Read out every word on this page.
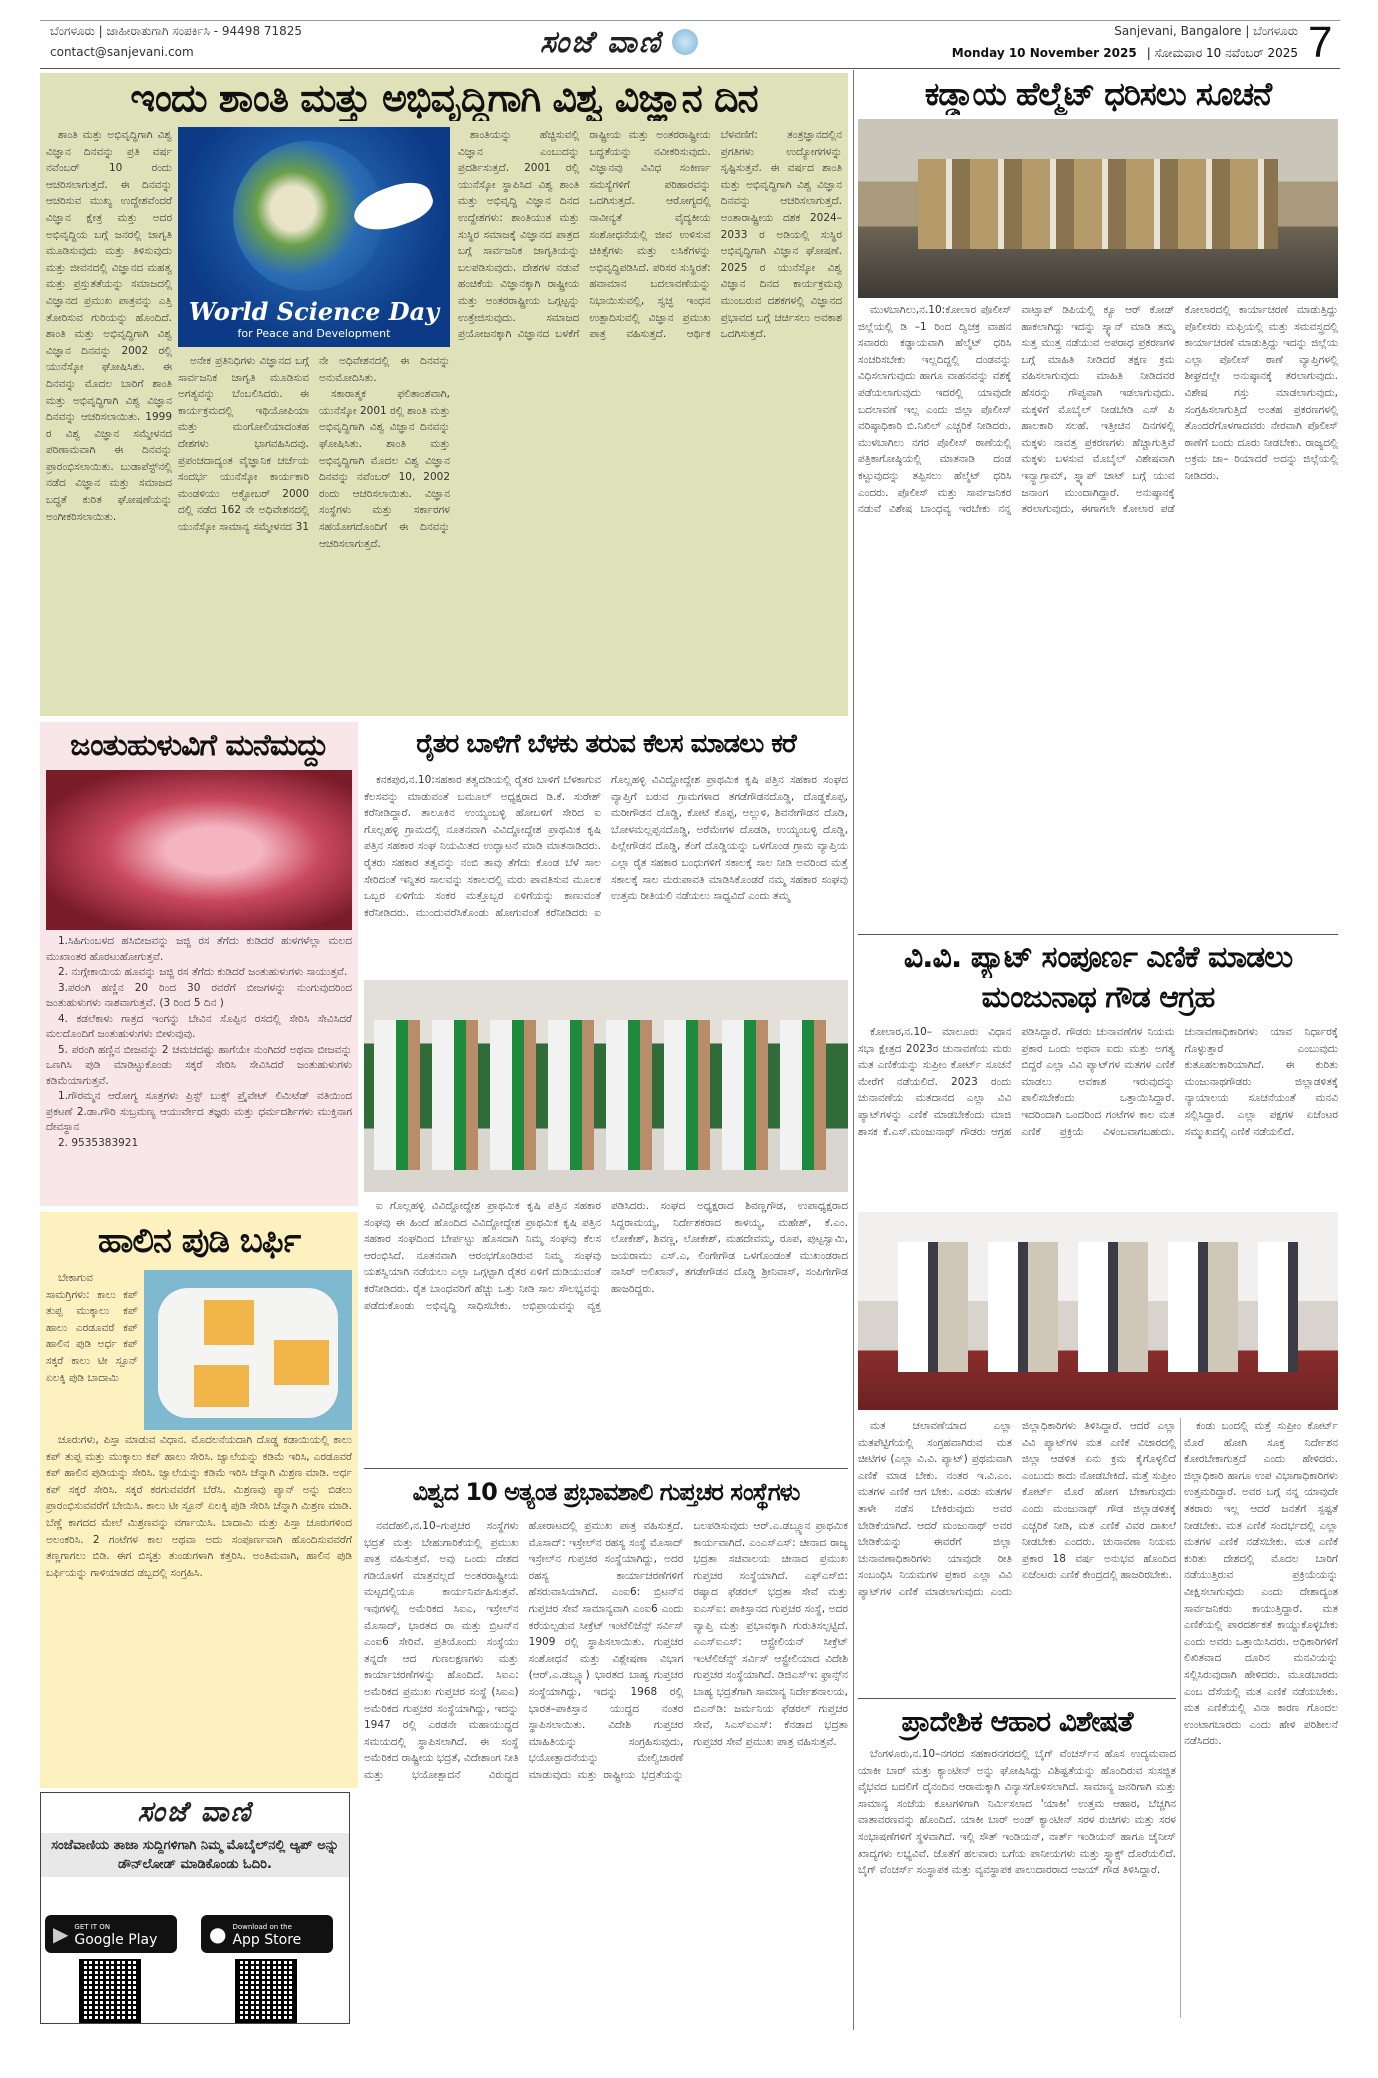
ಬೆಂಗಳೂರು | ಜಾಹೀರಾತುಗಾಗಿ ಸಂಪರ್ಕಿಸಿ - 94498 71825
contact@sanjevani.com	ಸಂಜೆ ವಾಣಿ	Sanjevani, Bangalore | ಬೆಂಗಳೂರು
Monday 10 November 2025 | ಸೋಮವಾರ 10 ನವೆಂಬರ್ 2025 7
ಇಂದು ಶಾಂತಿ ಮತ್ತು ಅಭಿವೃದ್ಧಿಗಾಗಿ ವಿಶ್ವ ವಿಜ್ಞಾನ ದಿನ

ಶಾಂತಿ ಮತ್ತು ಅಭಿವೃದ್ಧಿಗಾಗಿ ವಿಶ್ವ ವಿಜ್ಞಾನ ದಿನವನ್ನು ಪ್ರತಿ ವರ್ಷ ನವೆಂಬರ್ 10 ರಂದು ಆಚರಿಸಲಾಗುತ್ತದೆ. ಈ ದಿನವನ್ನು ಆಚರಿಸುವ ಮುಖ್ಯ ಉದ್ದೇಶವೆಂದರೆ ವಿಜ್ಞಾನ ಕ್ಷೇತ್ರ ಮತ್ತು ಅದರ ಅಭಿವೃದ್ಧಿಯ ಬಗ್ಗೆ ಜನರಲ್ಲಿ ಜಾಗೃತಿ ಮೂಡಿಸುವುದು ಮತ್ತು ತಿಳಿಸುವುದು ಮತ್ತು ಜೀವನದಲ್ಲಿ ವಿಜ್ಞಾನದ ಮಹತ್ವ ಮತ್ತು ಪ್ರಸ್ತುತತೆಯನ್ನು ಸಮಾಜದಲ್ಲಿ ವಿಜ್ಞಾನದ ಪ್ರಮುಖ ಪಾತ್ರವನ್ನು ಎತ್ತಿ ತೋರಿಸುವ ಗುರಿಯನ್ನು ಹೊಂದಿದೆ. ಶಾಂತಿ ಮತ್ತು ಅಭಿವೃದ್ಧಿಗಾಗಿ ವಿಶ್ವ ವಿಜ್ಞಾನ ದಿನವನ್ನು 2002 ರಲ್ಲಿ ಯುನೆಸ್ಕೋ ಘೋಷಿಸಿತು. ಈ ದಿನವನ್ನು ಮೊದಲ ಬಾರಿಗೆ ಶಾಂತಿ ಮತ್ತು ಅಭಿವೃದ್ಧಿಗಾಗಿ ವಿಶ್ವ ವಿಜ್ಞಾನ ದಿನವನ್ನು ಆಚರಿಸಲಾಯಿತು. 1999 ರ ವಿಶ್ವ ವಿಜ್ಞಾನ ಸಮ್ಮೇಳನದ ಪರಿಣಾಮವಾಗಿ ಈ ದಿನವನ್ನು ಪ್ರಾರಂಭಿಸಲಾಯಿತು. ಬುಡಾಪೆಸ್ಟ್‌ನಲ್ಲಿ ನಡೆದ ವಿಜ್ಞಾನ ಮತ್ತು ಸಮಾಜದ ಬದ್ಧತೆ ಕುರಿತ ಘೋಷಣೆಯನ್ನು ಅಂಗೀಕರಿಸಲಾಯಿತು.

World Science Day
for Peace and Development

ಅನೇಕ ಪ್ರತಿನಿಧಿಗಳು ವಿಜ್ಞಾನದ ಬಗ್ಗೆ ಸಾರ್ವಜನಿಕ ಜಾಗೃತಿ ಮೂಡಿಸುವ ಅಗತ್ಯವನ್ನು ಬೆಂಬಲಿಸಿದರು. ಈ ಕಾರ್ಯಕ್ರಮದಲ್ಲಿ ಇಥಿಯೋಪಿಯಾ ಮತ್ತು ಮಂಗೋಲಿಯಾದಂತಹ ದೇಶಗಳು ಭಾಗವಹಿಸಿದವು. ಪ್ರಪಂಚದಾದ್ಯಂತ ವೈಜ್ಞಾನಿಕ ಚರ್ಚೆಯ ಸಂದರ್ಭ ಯುನೆಸ್ಕೋ ಕಾರ್ಯಕಾರಿ ಮಂಡಳಿಯು ಅಕ್ಟೋಬರ್ 2000 ದಲ್ಲಿ ನಡೆದ 162 ನೇ ಅಧಿವೇಶನದಲ್ಲಿ ಯುನೆಸ್ಕೋ ಸಾಮಾನ್ಯ ಸಮ್ಮೇಳನದ 31 ನೇ ಅಧಿವೇಶನದಲ್ಲಿ ಈ ದಿನವನ್ನು ಅನುಮೋದಿಸಿತು.

ಸಕಾರಾತ್ಮಕ ಫಲಿತಾಂಶವಾಗಿ, ಯುನೆಸ್ಕೋ 2001 ರಲ್ಲಿ ಶಾಂತಿ ಮತ್ತು ಅಭಿವೃದ್ಧಿಗಾಗಿ ವಿಶ್ವ ವಿಜ್ಞಾನ ದಿನವನ್ನು ಘೋಷಿಸಿತು. ಶಾಂತಿ ಮತ್ತು ಅಭಿವೃದ್ಧಿಗಾಗಿ ಮೊದಲ ವಿಶ್ವ ವಿಜ್ಞಾನ ದಿನವನ್ನು ನವೆಂಬರ್ 10, 2002 ರಂದು ಆಚರಿಸಲಾಯಿತು. ವಿಜ್ಞಾನ ಸಂಸ್ಥೆಗಳು ಮತ್ತು ಸರ್ಕಾರಗಳ ಸಹಯೋಗದೊಂದಿಗೆ ಈ ದಿನವನ್ನು ಆಚರಿಸಲಾಗುತ್ತದೆ.

ಶಾಂತಿಯನ್ನು ಹೆಚ್ಚಿಸುವಲ್ಲಿ ವಿಜ್ಞಾನ ಎಂಬುದನ್ನು ಪ್ರದರ್ಶಿಸುತ್ತದೆ. 2001 ರಲ್ಲಿ ಯುನೆಸ್ಕೋ ಸ್ಥಾಪಿಸಿದ ವಿಶ್ವ ಶಾಂತಿ ಮತ್ತು ಅಭಿವೃದ್ಧಿ ವಿಜ್ಞಾನ ದಿನದ ಉದ್ದೇಶಗಳು: ಶಾಂತಿಯುತ ಮತ್ತು ಸುಸ್ಥಿರ ಸಮಾಜಕ್ಕೆ ವಿಜ್ಞಾನದ ಪಾತ್ರದ ಬಗ್ಗೆ ಸಾರ್ವಜನಿಕ ಜಾಗೃತಿಯನ್ನು ಬಲಪಡಿಸುವುದು. ದೇಶಗಳ ನಡುವೆ ಹಂಚಿಕೆಯ ವಿಜ್ಞಾನಕ್ಕಾಗಿ ರಾಷ್ಟ್ರೀಯ ಮತ್ತು ಅಂತರರಾಷ್ಟ್ರೀಯ ಒಗ್ಗಟ್ಟನ್ನು ಉತ್ತೇಜಿಸುವುದು. ಸಮಾಜದ ಪ್ರಯೋಜನಕ್ಕಾಗಿ ವಿಜ್ಞಾನದ ಬಳಕೆಗೆ ರಾಷ್ಟ್ರೀಯ ಮತ್ತು ಅಂತರರಾಷ್ಟ್ರೀಯ ಬದ್ಧತೆಯನ್ನು ನವೀಕರಿಸುವುದು. ವಿಜ್ಞಾನವು ವಿವಿಧ ಸಂಕೀರ್ಣ ಸಮಸ್ಯೆಗಳಿಗೆ ಪರಿಹಾರವನ್ನು ಒದಗಿಸುತ್ತದೆ. ಆರೋಗ್ಯದಲ್ಲಿ ನಾವೀನ್ಯತೆ ವೈದ್ಯಕೀಯ ಸಂಶೋಧನೆಯಲ್ಲಿ ಜೀವ ಉಳಿಸುವ ಚಿಕಿತ್ಸೆಗಳು ಮತ್ತು ಲಸಿಕೆಗಳನ್ನು ಅಭಿವೃದ್ಧಿಪಡಿಸಿದೆ. ಪರಿಸರ ಸುಸ್ಥಿರತೆ: ಹವಾಮಾನ ಬದಲಾವಣೆಯನ್ನು ನಿಭಾಯಿಸುವಲ್ಲಿ, ಸ್ವಚ್ಛ ಇಂಧನ ಉತ್ಪಾದಿಸುವಲ್ಲಿ ವಿಜ್ಞಾನ ಪ್ರಮುಖ ಪಾತ್ರ ವಹಿಸುತ್ತದೆ. ಆರ್ಥಿಕ ಬೆಳವಣಿಗೆ: ತಂತ್ರಜ್ಞಾನದಲ್ಲಿನ ಪ್ರಗತಿಗಳು ಉದ್ಯೋಗಗಳನ್ನು ಸೃಷ್ಟಿಸುತ್ತವೆ. ಈ ವರ್ಷದ ಶಾಂತಿ ಮತ್ತು ಅಭಿವೃದ್ಧಿಗಾಗಿ ವಿಶ್ವ ವಿಜ್ಞಾನ ದಿನವನ್ನು ಆಚರಿಸಲಾಗುತ್ತದೆ. ಅಂತಾರಾಷ್ಟ್ರೀಯ ದಶಕ 2024–2033 ರ ಅಡಿಯಲ್ಲಿ ಸುಸ್ಥಿರ ಅಭಿವೃದ್ಧಿಗಾಗಿ ವಿಜ್ಞಾನ ಘೋಷಣೆ. 2025 ರ ಯುನೆಸ್ಕೋ ವಿಶ್ವ ವಿಜ್ಞಾನ ದಿನದ ಕಾರ್ಯಕ್ರಮವು ಮುಂಬರುವ ದಶಕಗಳಲ್ಲಿ ವಿಜ್ಞಾನದ ಪ್ರಭಾವದ ಬಗ್ಗೆ ಚರ್ಚಿಸಲು ಅವಕಾಶ ಒದಗಿಸುತ್ತದೆ.

ಕಡ್ಡಾಯ ಹೆಲ್ಮೆಟ್ ಧರಿಸಲು ಸೂಚನೆ

ಮುಳಬಾಗಿಲು,ನ.10:ಕೋಲಾರ ಪೊಲೀಸ್ ಜಿಲ್ಲೆಯಲ್ಲಿ ಡಿ –1 ರಿಂದ ದ್ವಿಚಕ್ರ ವಾಹನ ಸವಾರರು ಕಡ್ಡಾಯವಾಗಿ ಹೆಲ್ಮೆಟ್ ಧರಿಸಿ ಸಂಚರಿಸಬೇಕು ಇಲ್ಲದಿದ್ದಲ್ಲಿ ದಂಡವನ್ನು ವಿಧಿಸಲಾಗುವುದು ಹಾಗೂ ವಾಹನವನ್ನು ವಶಕ್ಕೆ ಪಡೆಯಲಾಗುವುದು ಇದರಲ್ಲಿ ಯಾವುದೇ ಬದಲಾವಣೆ ಇಲ್ಲ ಎಂದು ಜಿಲ್ಲಾ ಪೊಲೀಸ್ ವರಿಷ್ಠಾಧಿಕಾರಿ ಬಿ.ನಿಖಿಲ್ ಎಚ್ಚರಿಕೆ ನೀಡಿದರು. ಮುಳಬಾಗಿಲು ನಗರ ಪೊಲೀಸ್ ಠಾಣೆಯಲ್ಲಿ ಪತ್ರಿಕಾಗೋಷ್ಠಿಯಲ್ಲಿ ಮಾತನಾಡಿ ದಂಡ ಕಟ್ಟುವುದನ್ನು ತಪ್ಪಿಸಲು ಹೆಲ್ಮೆಟ್ ಧರಿಸಿ ಎಂದರು. ಪೊಲೀಸ್ ಮತ್ತು ಸಾರ್ವಜನಿಕರ ನಡುವೆ ವಿಶೇಷ ಬಾಂಧವ್ಯ ಇರಬೇಕು ನನ್ನ ವಾಟ್ಸಾಪ್ ಡಿಪಿಯಲ್ಲಿ ಕ್ಯೂ ಆರ್ ಕೋಡ್ ಹಾಕಲಾಗಿದ್ದು ಇದನ್ನು ಸ್ಕ್ಯಾನ್ ಮಾಡಿ ತಮ್ಮ ಸುತ್ತ ಮುತ್ತ ನಡೆಯುವ ಅಪರಾಧ ಪ್ರಕರಣಗಳ ಬಗ್ಗೆ ಮಾಹಿತಿ ನೀಡಿದರೆ ತಕ್ಷಣ ಕ್ರಮ ವಹಿಸಲಾಗುವುದು ಮಾಹಿತಿ ನೀಡಿದವರ ಹೆಸರನ್ನು ಗೌಪ್ಯವಾಗಿ ಇಡಲಾಗುವುದು. ಮಕ್ಕಳಿಗೆ ಮೊಬೈಲ್ ನೀಡಬೇಡಿ ಎಸ್ ಪಿ ಹಾಲಕಾರಿ ಸಲಹೆ. ಇತ್ತೀಚಿನ ದಿನಗಳಲ್ಲಿ ಮಕ್ಕಳು ನಾವತ್ತ ಪ್ರಕರಣಗಳು ಹೆಚ್ಚಾಗುತ್ತಿವೆ ಮಕ್ಕಳು ಬಳಸುವ ಮೊಬೈಲ್ ವಿಶೇಷವಾಗಿ ಇನ್ಸ್ಟಾಗ್ರಾಮ್, ಸ್ನ್ಯಾಪ್ ಚಾಟ್ ಬಗ್ಗೆ ಯುವ ಜನಾಂಗ ಮುಂದಾಗಿದ್ದಾರೆ. ಅನುಷ್ಠಾನಕ್ಕೆ ತರಲಾಗುವುದು, ಈಗಾಗಲೇ ಕೋಲಾರ ಪಡೆ ಕೋಲಾರದಲ್ಲಿ ಕಾರ್ಯಾಚರಣೆ ಮಾಡುತ್ತಿದ್ದು ಪೊಲೀಸರು ಮಫ್ತಿಯಲ್ಲಿ ಮತ್ತು ಸಮವಸ್ತ್ರದಲ್ಲಿ ಕಾರ್ಯಾಚರಣೆ ಮಾಡುತ್ತಿದ್ದು ಇದನ್ನು ಜಿಲ್ಲೆಯ ಎಲ್ಲಾ ಪೊಲೀಸ್ ಠಾಣೆ ವ್ಯಾಪ್ತಿಗಳಲ್ಲಿ ಶೀಘ್ರದಲ್ಲೇ ಅನುಷ್ಠಾನಕ್ಕೆ ತರಲಾಗುವುದು. ವಿಶೇಷ ಗಸ್ತು ಮಾಡಲಾಗುವುದು, ಸಂಗ್ರಹಿಸಲಾಗುತ್ತಿದೆ ಅಂತಹ ಪ್ರಕರಣಗಳಲ್ಲಿ ತೊಂದರೆಗೊಳಗಾದವರು ನೇರವಾಗಿ ಪೊಲೀಸ್ ಠಾಣೆಗೆ ಬಂದು ದೂರು ನೀಡಬೇಕು. ರಾಜ್ಯದಲ್ಲಿ ಅಕ್ರಮ ಜಾ– ರಿಯಾದರೆ ಅದನ್ನು ಜಿಲ್ಲೆಯಲ್ಲಿ ನೀಡಿದರು.

ವಿ.ವಿ. ಪ್ಯಾಟ್ ಸಂಪೂರ್ಣ ಎಣಿಕೆ ಮಾಡಲು
ಮಂಜುನಾಥ ಗೌಡ ಆಗ್ರಹ

ಕೋಲಾರ,ನ.10– ಮಾಲೂರು ವಿಧಾನ ಸಭಾ ಕ್ಷೇತ್ರದ 2023ರ ಚುನಾವಣೆಯ ಮರು ಮತ ಎಣಿಕೆಯನ್ನು ಸುಪ್ರೀಂ ಕೋರ್ಟ್ ಸೂಚನೆ ಮೇರೆಗೆ ನಡೆಯಲಿದೆ. 2023 ರಂದು ಚುನಾವಣೆಯ ಮತದಾನದ ಎಲ್ಲಾ ವಿವಿ ಪ್ಯಾಟ್‌ಗಳನ್ನು ಎಣಿಕೆ ಮಾಡಬೇಕೆಂದು ಮಾಜಿ ಶಾಸಕ ಕೆ.ಎಸ್.ಮಂಜುನಾಥ್ ಗೌಡರು ಆಗ್ರಹ ಪಡಿಸಿದ್ದಾರೆ. ಗೌಡರು ಚುನಾವಣೆಗಳ ನಿಯಮ ಪ್ರಕಾರ ಒಂದು ಅಥವಾ ಐದು ಮತ್ತು ಅಗತ್ಯ ಬಿದ್ದರೆ ಎಲ್ಲಾ ವಿವಿ ಪ್ಯಾಟ್‌ಗಳ ಮತಗಳ ಎಣಿಕೆ ಮಾಡಲು ಅವಕಾಶ ಇರುವುದನ್ನು ಪಾಲಿಸಬೇಕೆಂದು ಒತ್ತಾಯಿಸಿದ್ದಾರೆ. ಇದರಿಂದಾಗಿ ಒಂದರಿಂದ ಗಂಟೆಗಳ ಕಾಲ ಮತ ಎಣಿಕೆ ಪ್ರಕ್ರಿಯೆ ವಿಳಂಬವಾಗಬಹುದು. ಚುನಾವಣಾಧಿಕಾರಿಗಳು ಯಾವ ನಿರ್ಧಾರಕ್ಕೆ ಗೊಳ್ಳುತ್ತಾರೆ ಎಂಬುವುದು ಕುತೂಹಲಕಾರಿಯಾಗಿದೆ. ಈ ಕುರಿತು ಮಂಜುನಾಥಗೌಡರು ಜಿಲ್ಲಾಡಳಿತಕ್ಕೆ ನ್ಯಾಯಾಲಯ ಸೂಚನೆಯಂತೆ ಮನವಿ ಸಲ್ಲಿಸಿದ್ದಾರೆ. ಎಲ್ಲಾ ಪಕ್ಷಗಳ ಏಜೆಂಟರ ಸಮ್ಮುಖದಲ್ಲಿ ಎಣಿಕೆ ನಡೆಯಲಿದೆ.

ಮತ ಚಲಾವಣೆಯಾದ ಎಲ್ಲಾ ಮತಪೆಟ್ಟಿಗೆಯಲ್ಲಿ ಸಂಗ್ರಹವಾಗಿರುವ ಮತ ಚೀಟಿಗಳ (ಎಲ್ಲಾ ವಿ.ವಿ. ಪ್ಯಾಟ್) ಪ್ರಥಮವಾಗಿ ಎಣಿಕೆ ಮಾಡ ಬೇಕು. ನಂತರ ಇ.ವಿ.ಎಂ. ಮತಗಳ ಎಣಿಕೆ ಆಗ ಬೇಕು. ಎರಡು ಮತಗಳ ತಾಳೇ ನಡೆಸ ಬೇಕಿರುವುದು ಅವರ ಬೇಡಿಕೆಯಾಗಿದೆ. ಆದರೆ ಮಂಜುನಾಥ್ ಅವರ ಬೇಡಿಕೆಯನ್ನು ಈವರೆಗೆ ಜಿಲ್ಲಾ ಚುನಾವಣಾಧಿಕಾರಿಗಳು ಯಾವುದೇ ರೀತಿ ಸಂಬಂಧಿಸಿ ನಿಯಮಗಳ ಪ್ರಕಾರ ಎಲ್ಲಾ ವಿವಿ ಪ್ಯಾಟ್‌ಗಳ ಎಣಿಕೆ ಮಾಡಲಾಗುವುದು ಎಂದು ಜಿಲ್ಲಾಧಿಕಾರಿಗಳು ತಿಳಿಸಿದ್ದಾರೆ. ಆದರೆ ಎಲ್ಲಾ ವಿವಿ ಪ್ಯಾಟ್‌ಗಳ ಮತ ಎಣಿಕೆ ವಿಚಾರದಲ್ಲಿ ಜಿಲ್ಲಾ ಆಡಳಿತ ಏನು ಕ್ರಮ ಕೈಗೊಳ್ಳಲಿದೆ ಎಂಬುದು ಕಾದು ನೋಡಬೇಕಿದೆ. ಮತ್ತೆ ಸುಪ್ರೀಂ ಕೋರ್ಟ್ ಮೊರೆ ಹೋಗ ಬೇಕಾಗುವುದು ಎಂದು ಮಂಜುನಾಥ್ ಗೌಡ ಜಿಲ್ಲಾಡಳಿತಕ್ಕೆ ಎಚ್ಚರಿಕೆ ನೀಡಿ, ಮತ ಎಣಿಕೆ ವಿವರ ದಾಖಲೆ ನೀಡಬೇಕು ಎಂದರು. ಚುನಾವಣಾ ನಿಯಮ ಪ್ರಕಾರ 18 ವರ್ಷ ಅನುಭವ ಹೊಂದಿದ ಏಜೆಂಟರು ಎಣಿಕೆ ಕೇಂದ್ರದಲ್ಲಿ ಹಾಜರಿರಬೇಕು.

ಕಂಡು ಬಂದಲ್ಲಿ ಮತ್ತೆ ಸುಪ್ರೀಂ ಕೋರ್ಟ್ ಮೊರೆ ಹೋಗಿ ಸೂಕ್ತ ನಿರ್ದೇಶನ ಕೋರಬೇಕಾಗುತ್ತದೆ ಎಂದು ಹೇಳಿದರು. ಜಿಲ್ಲಾಧಿಕಾರಿ ಹಾಗೂ ಉಪ ವಿಭಾಗಾಧಿಕಾರಿಗಳು ಉತ್ತಮರಿದ್ದಾರೆ. ಅವರ ಬಗ್ಗೆ ನನ್ನ ಯಾವುದೇ ತಕರಾರು ಇಲ್ಲ ಆದರೆ ಜನತೆಗೆ ಸ್ಪಷ್ಟತೆ ನೀಡಬೇಕು. ಮತ ಎಣಿಕೆ ಸಂದರ್ಭದಲ್ಲಿ ಎಲ್ಲಾ ಮತಗಳ ಎಣಿಕೆ ನಡೆಸಬೇಕು. ಮತ ಎಣಿಕೆ ಕುರಿತು ದೇಶದಲ್ಲಿ ಮೊದಲ ಬಾರಿಗೆ ನಡೆಯುತ್ತಿರುವ ಪ್ರಕ್ರಿಯೆಯನ್ನು ವೀಕ್ಷಿಸಲಾಗುವುದು ಎಂದು ದೇಶಾದ್ಯಂತ ಸಾರ್ವಜನಿಕರು ಕಾಯುತ್ತಿದ್ದಾರೆ. ಮತ ಎಣಿಕೆಯಲ್ಲಿ ಪಾರದರ್ಶಕತೆ ಕಾಯ್ದುಕೊಳ್ಳಬೇಕು ಎಂದು ಅವರು ಒತ್ತಾಯಿಸಿದರು. ಅಧಿಕಾರಿಗಳಿಗೆ ಲಿಖಿತವಾದ ದೂರಿನ ಮನವಿಯನ್ನು ಸಲ್ಲಿಸಿರುವುದಾಗಿ ಹೇಳಿದರು. ಮೂಡಬಾರದು ಎಂಬ ದೆಸೆಯಲ್ಲಿ ಮತ ಎಣಿಕೆ ನಡೆಯಬೇಕು. ಮತ ಎಣಿಕೆಯಲ್ಲಿ ವಿನಾ ಕಾರಣ ಗೊಂದಲ ಉಂಟಾಗಬಾರದು ಎಂದು ಹೇಳಿ ಪರಿಶೀಲನೆ ನಡೆಸಿದರು.

ಪ್ರಾದೇಶಿಕ ಆಹಾರ ವಿಶೇಷತೆ

ಬೆಂಗಳೂರು,ನ.10–ನಗರದ ಸಹಕಾರನಗರದಲ್ಲಿ ಬೈಗ್ ವೆಂಚರ್ಸ್‌ನ ಹೊಸ ಉದ್ಯಮವಾದ ಯಾಕೀ ಬಾರ್ ಮತ್ತು ಕ್ಯಾಂಟೀನ್ ಅನ್ನು ಘೋಷಿಸಿದ್ದು ವಿಶಿಷ್ಟತೆಯನ್ನು ಹೊಂದಿರುವ ಸುಸಜ್ಜಿತ ವೈಭವದ ಬದಲಿಗೆ ದೈನಂದಿನ ಆರಾಮಕ್ಕಾಗಿ ವಿನ್ಯಾಸಗೊಳಿಸಲಾಗಿದೆ. ಸಾಮಾನ್ಯ ಜನರಿಗಾಗಿ ಮತ್ತು ಸಾಮಾನ್ಯ ಸಂಜೆಯ ಕೂಟಗಳಿಗಾಗಿ ನಿರ್ಮಿಸಲಾದ 'ಯಾಕೀ' ಉತ್ತಮ ಆಹಾರ, ಬೆಚ್ಚಗಿನ ವಾತಾವರಣವನ್ನು ಹೊಂದಿದೆ. ಯಾಕೀ ಬಾರ್ ಅಂಡ್ ಕ್ಯಾಂಟೀನ್ ಸರಳ ರುಚಿಗಳು ಮತ್ತು ಸರಳ ಸಂಭಾಷಣೆಗಳಿಗೆ ಸ್ಥಳವಾಗಿದೆ. ಇಲ್ಲಿ ಸೌತ್ ಇಂಡಿಯನ್, ನಾರ್ತ್ ಇಂಡಿಯನ್ ಹಾಗೂ ಚೈನೀಸ್ ಖಾದ್ಯಗಳು ಲಭ್ಯವಿವೆ. ಜೊತೆಗೆ ಹಲವಾರು ಬಗೆಯ ಪಾನೀಯಗಳು ಮತ್ತು ಸ್ನ್ಯಾಕ್ಸ್ ದೊರೆಯಲಿದೆ. ಬೈಗ್ ವೆಂಚರ್ಸ್ ಸಂಸ್ಥಾಪಕ ಮತ್ತು ವ್ಯವಸ್ಥಾಪಕ ಪಾಲುದಾರರಾದ ಅಜಯ್ ಗೌಡ ತಿಳಿಸಿದ್ದಾರೆ.

ಜಂತುಹುಳುವಿಗೆ ಮನೆಮದ್ದು

1.ಸಿಹಿಗುಂಬಳದ ಹಸಿಬೀಜವನ್ನು ಜಜ್ಜಿ ರಸ ತೆಗೆದು ಕುಡಿದರೆ ಹುಳಗಳೆಲ್ಲಾ ಮಲದ ಮುಖಾಂತರ ಹೊರಟುಹೋಗುತ್ತವೆ.

2. ನುಗ್ಗೇಕಾಯಿಯ ಹೂವನ್ನು ಜಜ್ಜಿ ರಸ ತೆಗೆದು ಕುಡಿದರೆ ಜಂತುಹುಳುಗಳು ಸಾಯುತ್ತವೆ.

3.ಪರಂಗಿ ಹಣ್ಣಿನ 20 ರಿಂದ 30 ರವರೆಗೆ ಬೀಜಗಳನ್ನು ನುಂಗುವುದರಿಂದ ಜಂತುಹುಳುಗಳು ನಾಶವಾಗುತ್ತವೆ. (3 ರಿಂದ 5 ದಿನ )

4. ಕಡಲೆಕಾಳು ಗಾತ್ರದ ಇಂಗನ್ನು ಬೇವಿನ ಸೊಪ್ಪಿನ ರಸದಲ್ಲಿ ಸೇರಿಸಿ ಸೇವಿಸಿದರೆ ಮಲದೊಂದಿಗೆ ಜಂತುಹುಳುಗಳು ಬೀಳುವುವು.

5. ಪರಂಗಿ ಹಣ್ಣಿನ ಬೀಜವನ್ನು 2 ಚಮಚದಷ್ಟು ಹಾಗೆಯೇ ನುಂಗಿದರೆ ಅಥವಾ ಬೀಜವನ್ನು ಒಣಗಿಸಿ ಪುಡಿ ಮಾಡಿಟ್ಟುಕೊಂಡು ಸಕ್ಕರೆ ಸೇರಿಸಿ ಸೇವಿಸಿದರೆ ಜಂತುಹುಳುಗಳು ಕಡಿಮೆಯಾಗುತ್ತವೆ.

1.ಗೌರಮ್ಮನ ಆರೋಗ್ಯ ಸೂತ್ರಗಳು ಪ್ರಿಸ್ಟ್ ಬುಕ್ಸ್ ಪ್ರೈವೇಟ್ ಲಿಮಿಟೆಡ್ ವತಿಯಿಂದ ಪ್ರಕಟಣೆ 2.ಡಾ.ಗೌರಿ ಸುಬ್ರಮಣ್ಯ ಆಯುರ್ವೇದ ತಜ್ಞರು ಮತ್ತು ಧರ್ಮದರ್ಶಿಗಳು ಮುಕ್ತಿನಾಗ ದೇವಸ್ಥಾನ

2. 9535383921

ರೈತರ ಬಾಳಿಗೆ ಬೆಳಕು ತರುವ ಕೆಲಸ ಮಾಡಲು ಕರೆ

ಕನಕಪುರ,ನ.10:ಸಹಕಾರ ತತ್ವದಡಿಯಲ್ಲಿ ರೈತರ ಬಾಳಿಗೆ ಬೆಳಕಾಗುವ ಕೆಲಸವನ್ನು ಮಾಡುವಂತೆ ಬಮೂಲ್ ಅಧ್ಯಕ್ಷರಾದ ಡಿ.ಕೆ. ಸುರೇಶ್ ಕರೆನೀಡಿದ್ದಾರೆ. ತಾಲೂಕಿನ ಉಯ್ಯಂಬಳ್ಳಿ ಹೋಬಳಿಗೆ ಸೇರಿದ ಐ ಗೊಲ್ಲಹಳ್ಳಿ ಗ್ರಾಮದಲ್ಲಿ ನೂತನವಾಗಿ ವಿವಿದ್ದೋದ್ದೇಶ ಪ್ರಾಥಮಿಕ ಕೃಷಿ ಪತ್ತಿನ ಸಹಕಾರ ಸಂಘ ನಿಯಮಿತದ ಉದ್ಘಾಟನೆ ಮಾಡಿ ಮಾತನಾಡಿದರು. ರೈತರು ಸಹಕಾರ ತತ್ವವನ್ನು ನಂಬಿ ತಾವು ತೆಗೆದು ಕೊಂಡ ಬೆಳೆ ಸಾಲ ಸೇರಿದಂತೆ ಇನ್ನಿತರ ಸಾಲವನ್ನು ಸಕಾಲದಲ್ಲಿ ಮರು ಪಾವತಿಸುವ ಮೂಲಕ ಒಬ್ಬರ ಏಳಿಗೆಯ ಸಂಕರ ಮತ್ತೊಬ್ಬರ ಏಳಿಗೆಯನ್ನು ಕಾಣುವಂತೆ ಕರೆನೀಡಿದರು. ಮುಂದುವರೆಸಿಕೊಂಡು ಹೋಗುವಂತೆ ಕರೆನೀಡಿದರು ಐ ಗೊಲ್ಲಹಳ್ಳಿ ವಿವಿದ್ದೋದ್ದೇಶ ಪ್ರಾಥಮಿಕ ಕೃಷಿ ಪತ್ತಿನ ಸಹಕಾರ ಸಂಘದ ವ್ಯಾಪ್ತಿಗೆ ಬರುವ ಗ್ರಾಮಗಳಾದ ತಗಡೆಗೌಡನದೊಡ್ಡಿ, ದೊಡ್ಡಕೊಪ್ಪ, ಮರೀಗೌಡನ ದೊಡ್ಡಿ, ಕೋಟೆ ಕೊಪ್ಪ, ಅಲ್ಲುಳಿ, ಶಿವನೇಗೌಡನ ದೊಡಿ, ಬೋಳಮಲ್ಲಪ್ಪನದೊಡ್ಡಿ, ಅರೆಮೇಗಳ ದೊಡಡಿ, ಉಯ್ಯಂಬಳ್ಳಿ ದೊಡ್ಡಿ, ಪಿಲ್ಲೇಗೌಡನ ದೊಡ್ಡಿ, ತೆಂಗೆ ದೊಡ್ಡಿಯನ್ನು ಒಳಗೊಂಡ ಗ್ರಾಮ ವ್ಯಾಪ್ತಿಯ ಎಲ್ಲಾ ರೈತ ಸಹಕಾರ ಬಂಧುಗಳಿಗೆ ಸಕಾಲಕ್ಕೆ ಸಾಲ ನೀಡಿ ಅವರಿಂದ ಮತ್ತೆ ಸಕಾಲಕ್ಕೆ ಸಾಲ ಮರುಪಾವತಿ ಮಾಡಿಸಿಕೊಂಡರೆ ನಮ್ಮ ಸಹಕಾರ ಸಂಘವು ಉತ್ತಮ ರೀತಿಯಲಿ ನಡೆಯಲು ಸಾಧ್ಯವಿದೆ ಎಂದು ತಮ್ಮ

ಐ ಗೊಲ್ಲಹಳ್ಳಿ ವಿವಿದ್ದೋದ್ದೇಶ ಪ್ರಾಥಮಿಕ ಕೃಷಿ ಪತ್ತಿನ ಸಹಕಾರ ಸಂಘವು ಈ ಹಿಂದೆ ಹೊಂದಿದ ವಿವಿದ್ದೋದ್ದೇಶ ಪ್ರಾಥಮಿಕ ಕೃಷಿ ಪತ್ತಿನ ಸಹಕಾರ ಸಂಘದಿಂದ ಬೇರ್ಪಟ್ಟು ಹೊಸದಾಗಿ ನಿಮ್ಮ ಸಂಘವು ಕೆಲಸ ಆರಂಭಿಸಿದೆ. ನೂತನವಾಗಿ ಆರಂಭಗೊಂಡಿರುವ ನಿಮ್ಮ ಸಂಘವು ಯಶಸ್ವಿಯಾಗಿ ನಡೆಯಲು ಎಲ್ಲಾ ಒಗ್ಗಟ್ಟಾಗಿ ರೈತರ ಏಳಿಗೆ ದುಡಿಯುವಂತೆ ಕರೆನೀಡಿದರು. ರೈತ ಬಾಂಧವರಿಗೆ ಹೆಚ್ಚು ಒತ್ತು ನೀಡಿ ಸಾಲ ಸೌಲಭ್ಯವನ್ನು ಪಡೆದುಕೊಂಡು ಅಭಿವೃದ್ಧಿ ಸಾಧಿಸಬೇಕು. ಅಭಿಪ್ರಾಯವನ್ನು ವ್ಯಕ್ತ ಪಡಿಸಿದರು. ಸಂಘದ ಅಧ್ಯಕ್ಷರಾದ ಶಿವಣ್ಣಗೌಡ, ಉಪಾಧ್ಯಕ್ಷರಾದ ಸಿದ್ದರಾಮಯ್ಯ, ನಿರ್ದೇಶಕರಾದ ಕಾಳಯ್ಯ, ಮಹೇಶ್, ಕೆ.ಎಂ. ಲೋಕೇಶ್, ಶಿವಣ್ಣ, ಲೋಕೇಶ್, ಮಹದೇವಮ್ಮ, ರೂಪ, ಪುಟ್ಟಸ್ವಾಮಿ, ಜಯರಾಮು ಎಸ್.ಎ, ಲಿಂಗೇಗೌಡ ಒಳಗೊಂಡಂತೆ ಮುಖಂಡರಾದ ನಾಸಿರ್ ಅಲಿಖಾನ್, ತಗಡೇಗೌಡನ ದೊಡ್ಡಿ ಶ್ರೀನಿವಾಸ್, ಸಂಪಿಗೇಗೌಡ ಹಾಜರಿದ್ದರು.

ಹಾಲಿನ ಪುಡಿ ಬರ್ಫಿ

ಬೇಕಾಗುವ ಸಾಮಗ್ರಿಗಳು: ಕಾಲು ಕಪ್ ತುಪ್ಪ ಮುಕ್ಕಾಲು ಕಪ್ ಹಾಲು ಎರಡೂವರೆ ಕಪ್ ಹಾಲಿನ ಪುಡಿ ಅರ್ಧ ಕಪ್ ಸಕ್ಕರೆ ಕಾಲು ಟೀ ಸ್ಪೂನ್ ಏಲಕ್ಕಿ ಪುಡಿ ಬಾದಾಮಿ

ಚೂರುಗಳು, ಪಿಸ್ತಾ ಮಾಡುವ ವಿಧಾನ. ಮೊದಲನೆಯದಾಗಿ ದೊಡ್ಡ ಕಡಾಯಿಯಲ್ಲಿ ಕಾಲು ಕಪ್ ತುಪ್ಪ ಮತ್ತು ಮುಕ್ಕಾಲು ಕಪ್ ಹಾಲು ಸೇರಿಸಿ. ಜ್ವಾಲೆಯನ್ನು ಕಡಿಮೆ ಇರಿಸಿ, ಎರಡೂವರೆ ಕಪ್ ಹಾಲಿನ ಪುಡಿಯನ್ನು ಸೇರಿಸಿ. ಜ್ವಾಲೆಯನ್ನು ಕಡಿಮೆ ಇರಿಸಿ ಚೆನ್ನಾಗಿ ಮಿಶ್ರಣ ಮಾಡಿ. ಅರ್ಧ ಕಪ್ ಸಕ್ಕರೆ ಸೇರಿಸಿ. ಸಕ್ಕರೆ ಕರಗುವವರೆಗೆ ಬೆರೆಸಿ. ಮಿಶ್ರಣವು ಪ್ಯಾನ್ ಅನ್ನು ಬಿಡಲು ಪ್ರಾರಂಭಿಸುವವರೆಗೆ ಬೇಯಿಸಿ. ಕಾಲು ಟೀ ಸ್ಪೂನ್ ಏಲಕ್ಕಿ ಪುಡಿ ಸೇರಿಸಿ ಚೆನ್ನಾಗಿ ಮಿಶ್ರಣ ಮಾಡಿ. ಬೆಣ್ಣೆ ಕಾಗದದ ಮೇಲೆ ಮಿಶ್ರಣವನ್ನು ವರ್ಗಾಯಿಸಿ. ಬಾದಾಮಿ ಮತ್ತು ಪಿಸ್ತಾ ಚೂರುಗಳಿಂದ ಅಲಂಕರಿಸಿ. 2 ಗಂಟೆಗಳ ಕಾಲ ಅಥವಾ ಅದು ಸಂಪೂರ್ಣವಾಗಿ ಹೊಂದಿಸುವವರೆಗೆ ತಣ್ಣಗಾಗಲು ಬಿಡಿ. ಈಗ ಬಿಸ್ಕತ್ತು ತುಂಡುಗಳಾಗಿ ಕತ್ತರಿಸಿ. ಅಂತಿಮವಾಗಿ, ಹಾಲಿನ ಪುಡಿ ಬರ್ಫಿಯನ್ನು ಗಾಳಿಯಾಡದ ಡಬ್ಬದಲ್ಲಿ ಸಂಗ್ರಹಿಸಿ.

ಸಂಜೆ ವಾಣಿ
ಸಂಜೆವಾಣಿಯ ತಾಜಾ ಸುದ್ದಿಗಳಿಗಾಗಿ ನಿಮ್ಮ ಮೊಬೈಲ್‌ನಲ್ಲಿ ಆ್ಯಪ್ ಅನ್ನು ಡೌನ್‌ಲೋಡ್ ಮಾಡಿಕೊಂಡು ಓದಿರಿ.
▶ GET IT ON
Google Play	● Download on the
App Store
ವಿಶ್ವದ 10 ಅತ್ಯಂತ ಪ್ರಭಾವಶಾಲಿ ಗುಪ್ತಚರ ಸಂಸ್ಥೆಗಳು

ನವದೆಹಲಿ,ನ.10–ಗುಪ್ತಚರ ಸಂಸ್ಥೆಗಳು ಭದ್ರತೆ ಮತ್ತು ಬೇಹುಗಾರಿಕೆಯಲ್ಲಿ ಪ್ರಮುಖ ಪಾತ್ರ ವಹಿಸುತ್ತವೆ. ಅವು ಒಂದು ದೇಶದ ಗಡಿಯೊಳಗೆ ಮಾತ್ರವಲ್ಲದೆ ಅಂತರರಾಷ್ಟ್ರೀಯ ಮಟ್ಟದಲ್ಲಿಯೂ ಕಾರ್ಯನಿರ್ವಹಿಸುತ್ತವೆ. ಇವುಗಳಲ್ಲಿ ಅಮೆರಿಕದ ಸಿಐಎ, ಇಸ್ರೇಲ್‌ನ ಮೊಸಾದ್, ಭಾರತದ ರಾ ಮತ್ತು ಬ್ರಿಟನ್‌ನ ಎಂಐ6 ಸೇರಿವೆ. ಪ್ರತಿಯೊಂದು ಸಂಸ್ಥೆಯು ತನ್ನದೇ ಆದ ಗುಣಲಕ್ಷಣಗಳು ಮತ್ತು ಕಾರ್ಯಾಚರಣೆಗಳನ್ನು ಹೊಂದಿದೆ. ಸಿಐಎ: ಅಮೆರಿಕದ ಪ್ರಮುಖ ಗುಪ್ತಚರ ಸಂಸ್ಥೆ (ಸಿಐಎ) ಅಮೆರಿಕದ ಗುಪ್ತಚರ ಸಂಸ್ಥೆಯಾಗಿದ್ದು, ಇದನ್ನು 1947 ರಲ್ಲಿ ಎರಡನೇ ಮಹಾಯುದ್ಧದ ಸಮಯದಲ್ಲಿ ಸ್ಥಾಪಿಸಲಾಗಿದೆ. ಈ ಸಂಸ್ಥೆ ಅಮೆರಿಕದ ರಾಷ್ಟ್ರೀಯ ಭದ್ರತೆ, ವಿದೇಶಾಂಗ ನೀತಿ ಮತ್ತು ಭಯೋತ್ಪಾದನೆ ವಿರುದ್ಧದ ಹೋರಾಟದಲ್ಲಿ ಪ್ರಮುಖ ಪಾತ್ರ ವಹಿಸುತ್ತದೆ. ಮೊಸಾದ್: ಇಸ್ರೇಲ್‌ನ ರಹಸ್ಯ ಸಂಸ್ಥೆ ಮೊಸಾದ್ ಇಸ್ರೇಲ್‌ನ ಗುಪ್ತಚರ ಸಂಸ್ಥೆಯಾಗಿದ್ದು, ಅದರ ರಹಸ್ಯ ಕಾರ್ಯಾಚರಣೆಗಳಿಗೆ ಹೆಸರುವಾಸಿಯಾಗಿದೆ. ಎಂಐ6: ಬ್ರಿಟನ್‌ನ ಗುಪ್ತಚರ ಸೇವೆ ಸಾಮಾನ್ಯವಾಗಿ ಎಂಐ6 ಎಂದು ಕರೆಯಲ್ಪಡುವ ಸೀಕ್ರೆಟ್ ಇಂಟೆಲಿಜೆನ್ಸ್ ಸರ್ವಿಸ್ 1909 ರಲ್ಲಿ ಸ್ಥಾಪಿಸಲಾಯಿತು. ಗುಪ್ತಚರ ಸಂಶೋಧನೆ ಮತ್ತು ವಿಶ್ಲೇಷಣಾ ವಿಭಾಗ (ಆರ್.ಎ.ಡಬ್ಲ್ಯೂ) ಭಾರತದ ಬಾಹ್ಯ ಗುಪ್ತಚರ ಸಂಸ್ಥೆಯಾಗಿದ್ದು, ಇದನ್ನು 1968 ರಲ್ಲಿ ಭಾರತ–ಪಾಕಿಸ್ತಾನ ಯುದ್ಧದ ನಂತರ ಸ್ಥಾಪಿಸಲಾಯಿತು. ವಿದೇಶಿ ಗುಪ್ತಚರ ಮಾಹಿತಿಯನ್ನು ಸಂಗ್ರಹಿಸುವುದು, ಭಯೋತ್ಪಾದನೆಯನ್ನು ಮೇಲ್ವಿಚಾರಣೆ ಮಾಡುವುದು ಮತ್ತು ರಾಷ್ಟ್ರೀಯ ಭದ್ರತೆಯನ್ನು ಬಲಪಡಿಸುವುದು ಆರ್.ಎ.ಡಬ್ಲ್ಯೂನ ಪ್ರಾಥಮಿಕ ಕಾರ್ಯವಾಗಿದೆ. ಎಂಎಸ್‌ಎಸ್: ಚೀನಾದ ರಾಜ್ಯ ಭದ್ರತಾ ಸಚಿವಾಲಯ ಚೀನಾದ ಪ್ರಮುಖ ಗುಪ್ತಚರ ಸಂಸ್ಥೆಯಾಗಿದೆ. ಎಫ್‌ಎಸ್‌ಬಿ: ರಷ್ಯಾದ ಫೆಡರಲ್ ಭದ್ರತಾ ಸೇವೆ ಮತ್ತು ಐಎಸ್‌ಐ: ಪಾಕಿಸ್ತಾನದ ಗುಪ್ತಚರ ಸಂಸ್ಥೆ, ಅದರ ವ್ಯಾಪ್ತಿ ಮತ್ತು ಪ್ರಭಾವಕ್ಕಾಗಿ ಗುರುತಿಸಲ್ಪಟ್ಟಿದೆ. ಎಎಸ್‌ಐಎಸ್: ಆಸ್ಟ್ರೇಲಿಯನ್ ಸೀಕ್ರೆಟ್ ಇಂಟೆಲಿಜೆನ್ಸ್ ಸರ್ವಿಸ್ ಆಸ್ಟ್ರೇಲಿಯಾದ ವಿದೇಶಿ ಗುಪ್ತಚರ ಸಂಸ್ಥೆಯಾಗಿದೆ. ಡಿಜಿಎಸ್‌ಇ: ಫ್ರಾನ್ಸ್‌ನ ಬಾಹ್ಯ ಭದ್ರತೆಗಾಗಿ ಸಾಮಾನ್ಯ ನಿರ್ದೇಶನಾಲಯ, ಬಿಎನ್‌ಡಿ: ಜರ್ಮನಿಯ ಫೆಡರಲ್ ಗುಪ್ತಚರ ಸೇವೆ, ಸಿಎಸ್‌ಐಎಸ್: ಕೆನಡಾದ ಭದ್ರತಾ ಗುಪ್ತಚರ ಸೇವೆ ಪ್ರಮುಖ ಪಾತ್ರ ವಹಿಸುತ್ತವೆ.
